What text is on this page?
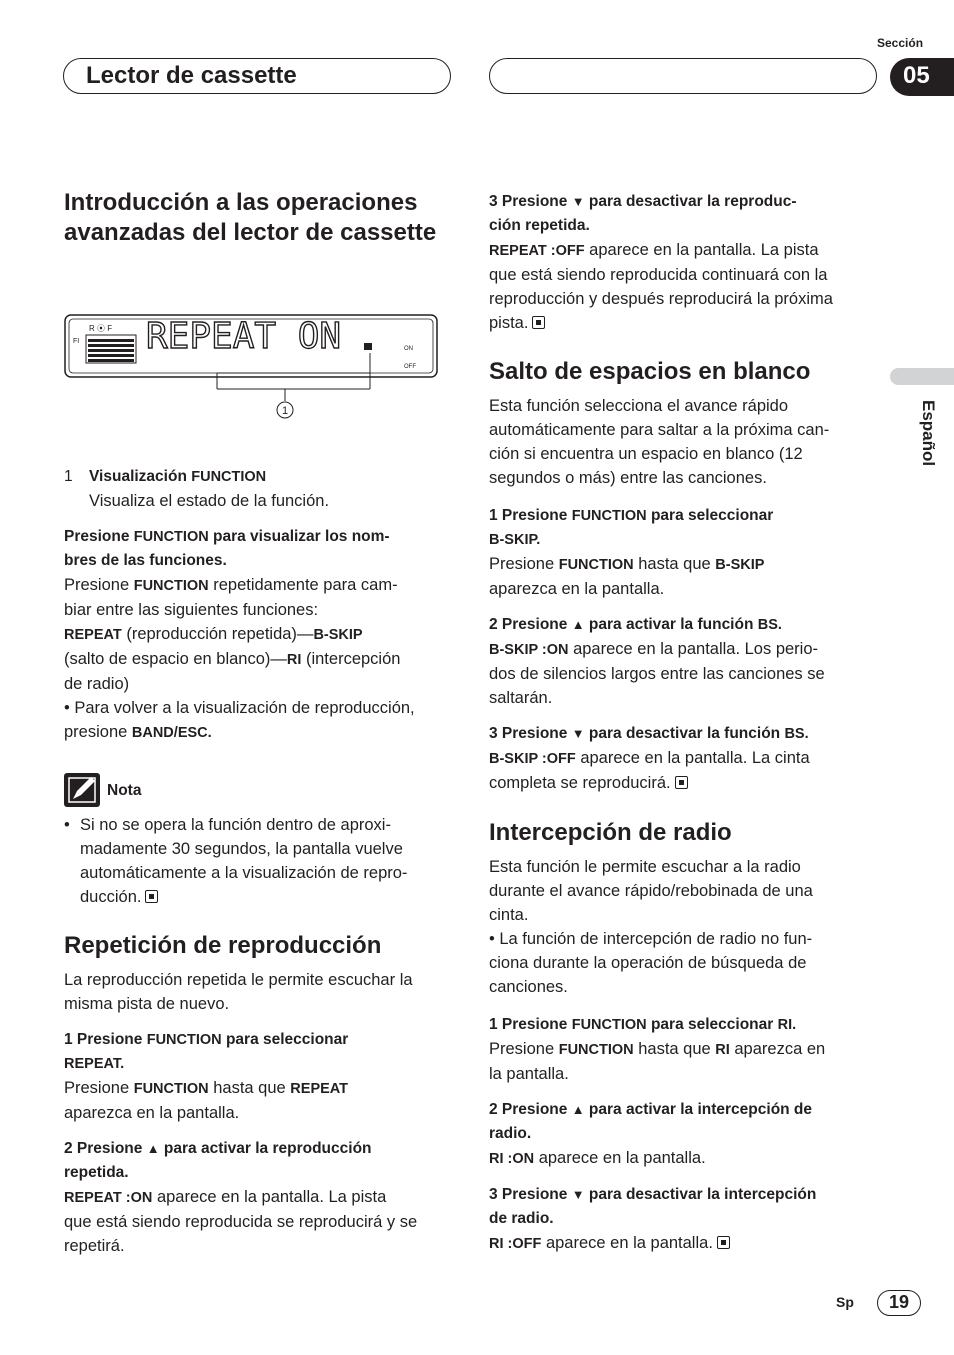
Lector de cassette
Sección
05
Español

Introducción a las operaciones

avanzadas del lector de cassette

R ⦿ F
FI REPEAT ON	ON
OFF
1

1 Visualización FUNCTION

Visualiza el estado de la función.

Presione FUNCTION para visualizar los nom-

bres de las funciones.

Presione FUNCTION repetidamente para cam-

biar entre las siguientes funciones:

REPEAT (reproducción repetida)—B-SKIP

(salto de espacio en blanco)—RI (intercepción

de radio)

• Para volver a la visualización de reproducción,

presione BAND/ESC.

Nota

• Si no se opera la función dentro de aproxi-

madamente 30 segundos, la pantalla vuelve

automáticamente a la visualización de repro-

ducción.

Repetición de reproducción

La reproducción repetida le permite escuchar la

misma pista de nuevo.

1 Presione FUNCTION para seleccionar

REPEAT.

Presione FUNCTION hasta que REPEAT

aparezca en la pantalla.

2 Presione ▲ para activar la reproducción

repetida.

REPEAT :ON aparece en la pantalla. La pista

que está siendo reproducida se reproducirá y se

repetirá.

3 Presione ▼ para desactivar la reproduc-

ción repetida.

REPEAT :OFF aparece en la pantalla. La pista

que está siendo reproducida continuará con la

reproducción y después reproducirá la próxima

pista.

Salto de espacios en blanco

Esta función selecciona el avance rápido

automáticamente para saltar a la próxima can-

ción si encuentra un espacio en blanco (12

segundos o más) entre las canciones.

1 Presione FUNCTION para seleccionar

B-SKIP.

Presione FUNCTION hasta que B-SKIP

aparezca en la pantalla.

2 Presione ▲ para activar la función BS.

B-SKIP :ON aparece en la pantalla. Los perio-

dos de silencios largos entre las canciones se

saltarán.

3 Presione ▼ para desactivar la función BS.

B-SKIP :OFF aparece en la pantalla. La cinta

completa se reproducirá.

Intercepción de radio

Esta función le permite escuchar a la radio

durante el avance rápido/rebobinada de una

cinta.

• La función de intercepción de radio no fun-

ciona durante la operación de búsqueda de

canciones.

1 Presione FUNCTION para seleccionar RI.

Presione FUNCTION hasta que RI aparezca en

la pantalla.

2 Presione ▲ para activar la intercepción de

radio.

RI :ON aparece en la pantalla.

3 Presione ▼ para desactivar la intercepción

de radio.

RI :OFF aparece en la pantalla.

Sp	19
